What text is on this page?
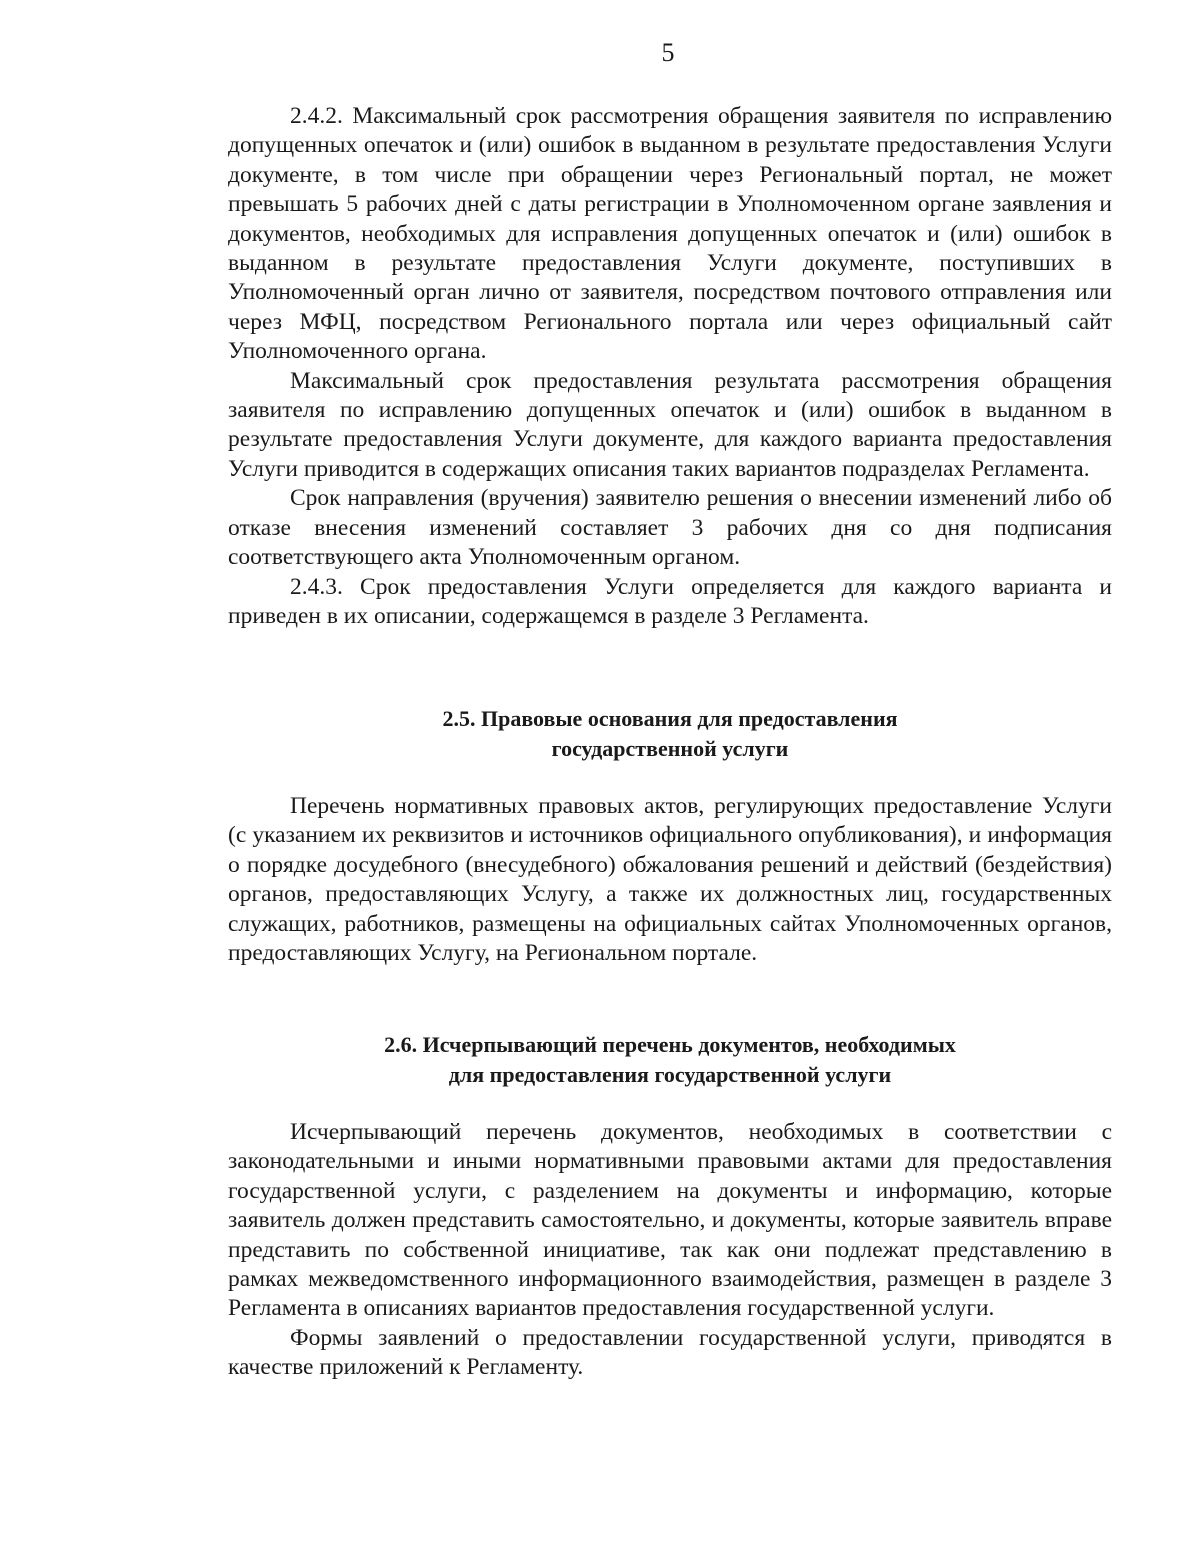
5

2.4.2. Максимальный срок рассмотрения обращения заявителя по исправлению допущенных опечаток и (или) ошибок в выданном в результате предоставления Услуги документе, в том числе при обращении через Региональный портал, не может превышать 5 рабочих дней с даты регистрации в Уполномоченном органе заявления и документов, необходимых для исправления допущенных опечаток и (или) ошибок в выданном в результате предоставления Услуги документе, поступивших в Уполномоченный орган лично от заявителя, посредством почтового отправления или через МФЦ, посредством Регионального портала или через официальный сайт Уполномоченного органа.

Максимальный срок предоставления результата рассмотрения обращения заявителя по исправлению допущенных опечаток и (или) ошибок в выданном в результате предоставления Услуги документе, для каждого варианта предоставления Услуги приводится в содержащих описания таких вариантов подразделах Регламента.

Срок направления (вручения) заявителю решения о внесении изменений либо об отказе внесения изменений составляет 3 рабочих дня со дня подписания соответствующего акта Уполномоченным органом.

2.4.3. Срок предоставления Услуги определяется для каждого варианта и приведен в их описании, содержащемся в разделе 3 Регламента.

2.5. Правовые основания для предоставления
государственной услуги

Перечень нормативных правовых актов, регулирующих предоставление Услуги (с указанием их реквизитов и источников официального опубликования), и информация о порядке досудебного (внесудебного) обжалования решений и действий (бездействия) органов, предоставляющих Услугу, а также их должностных лиц, государственных служащих, работников, размещены на официальных сайтах Уполномоченных органов, предоставляющих Услугу, на Региональном портале.

2.6. Исчерпывающий перечень документов, необходимых
для предоставления государственной услуги

Исчерпывающий перечень документов, необходимых в соответствии с законодательными и иными нормативными правовыми актами для предоставления государственной услуги, с разделением на документы и информацию, которые заявитель должен представить самостоятельно, и документы, которые заявитель вправе представить по собственной инициативе, так как они подлежат представлению в рамках межведомственного информационного взаимодействия, размещен в разделе 3 Регламента в описаниях вариантов предоставления государственной услуги.

Формы заявлений о предоставлении государственной услуги, приводятся в качестве приложений к Регламенту.
